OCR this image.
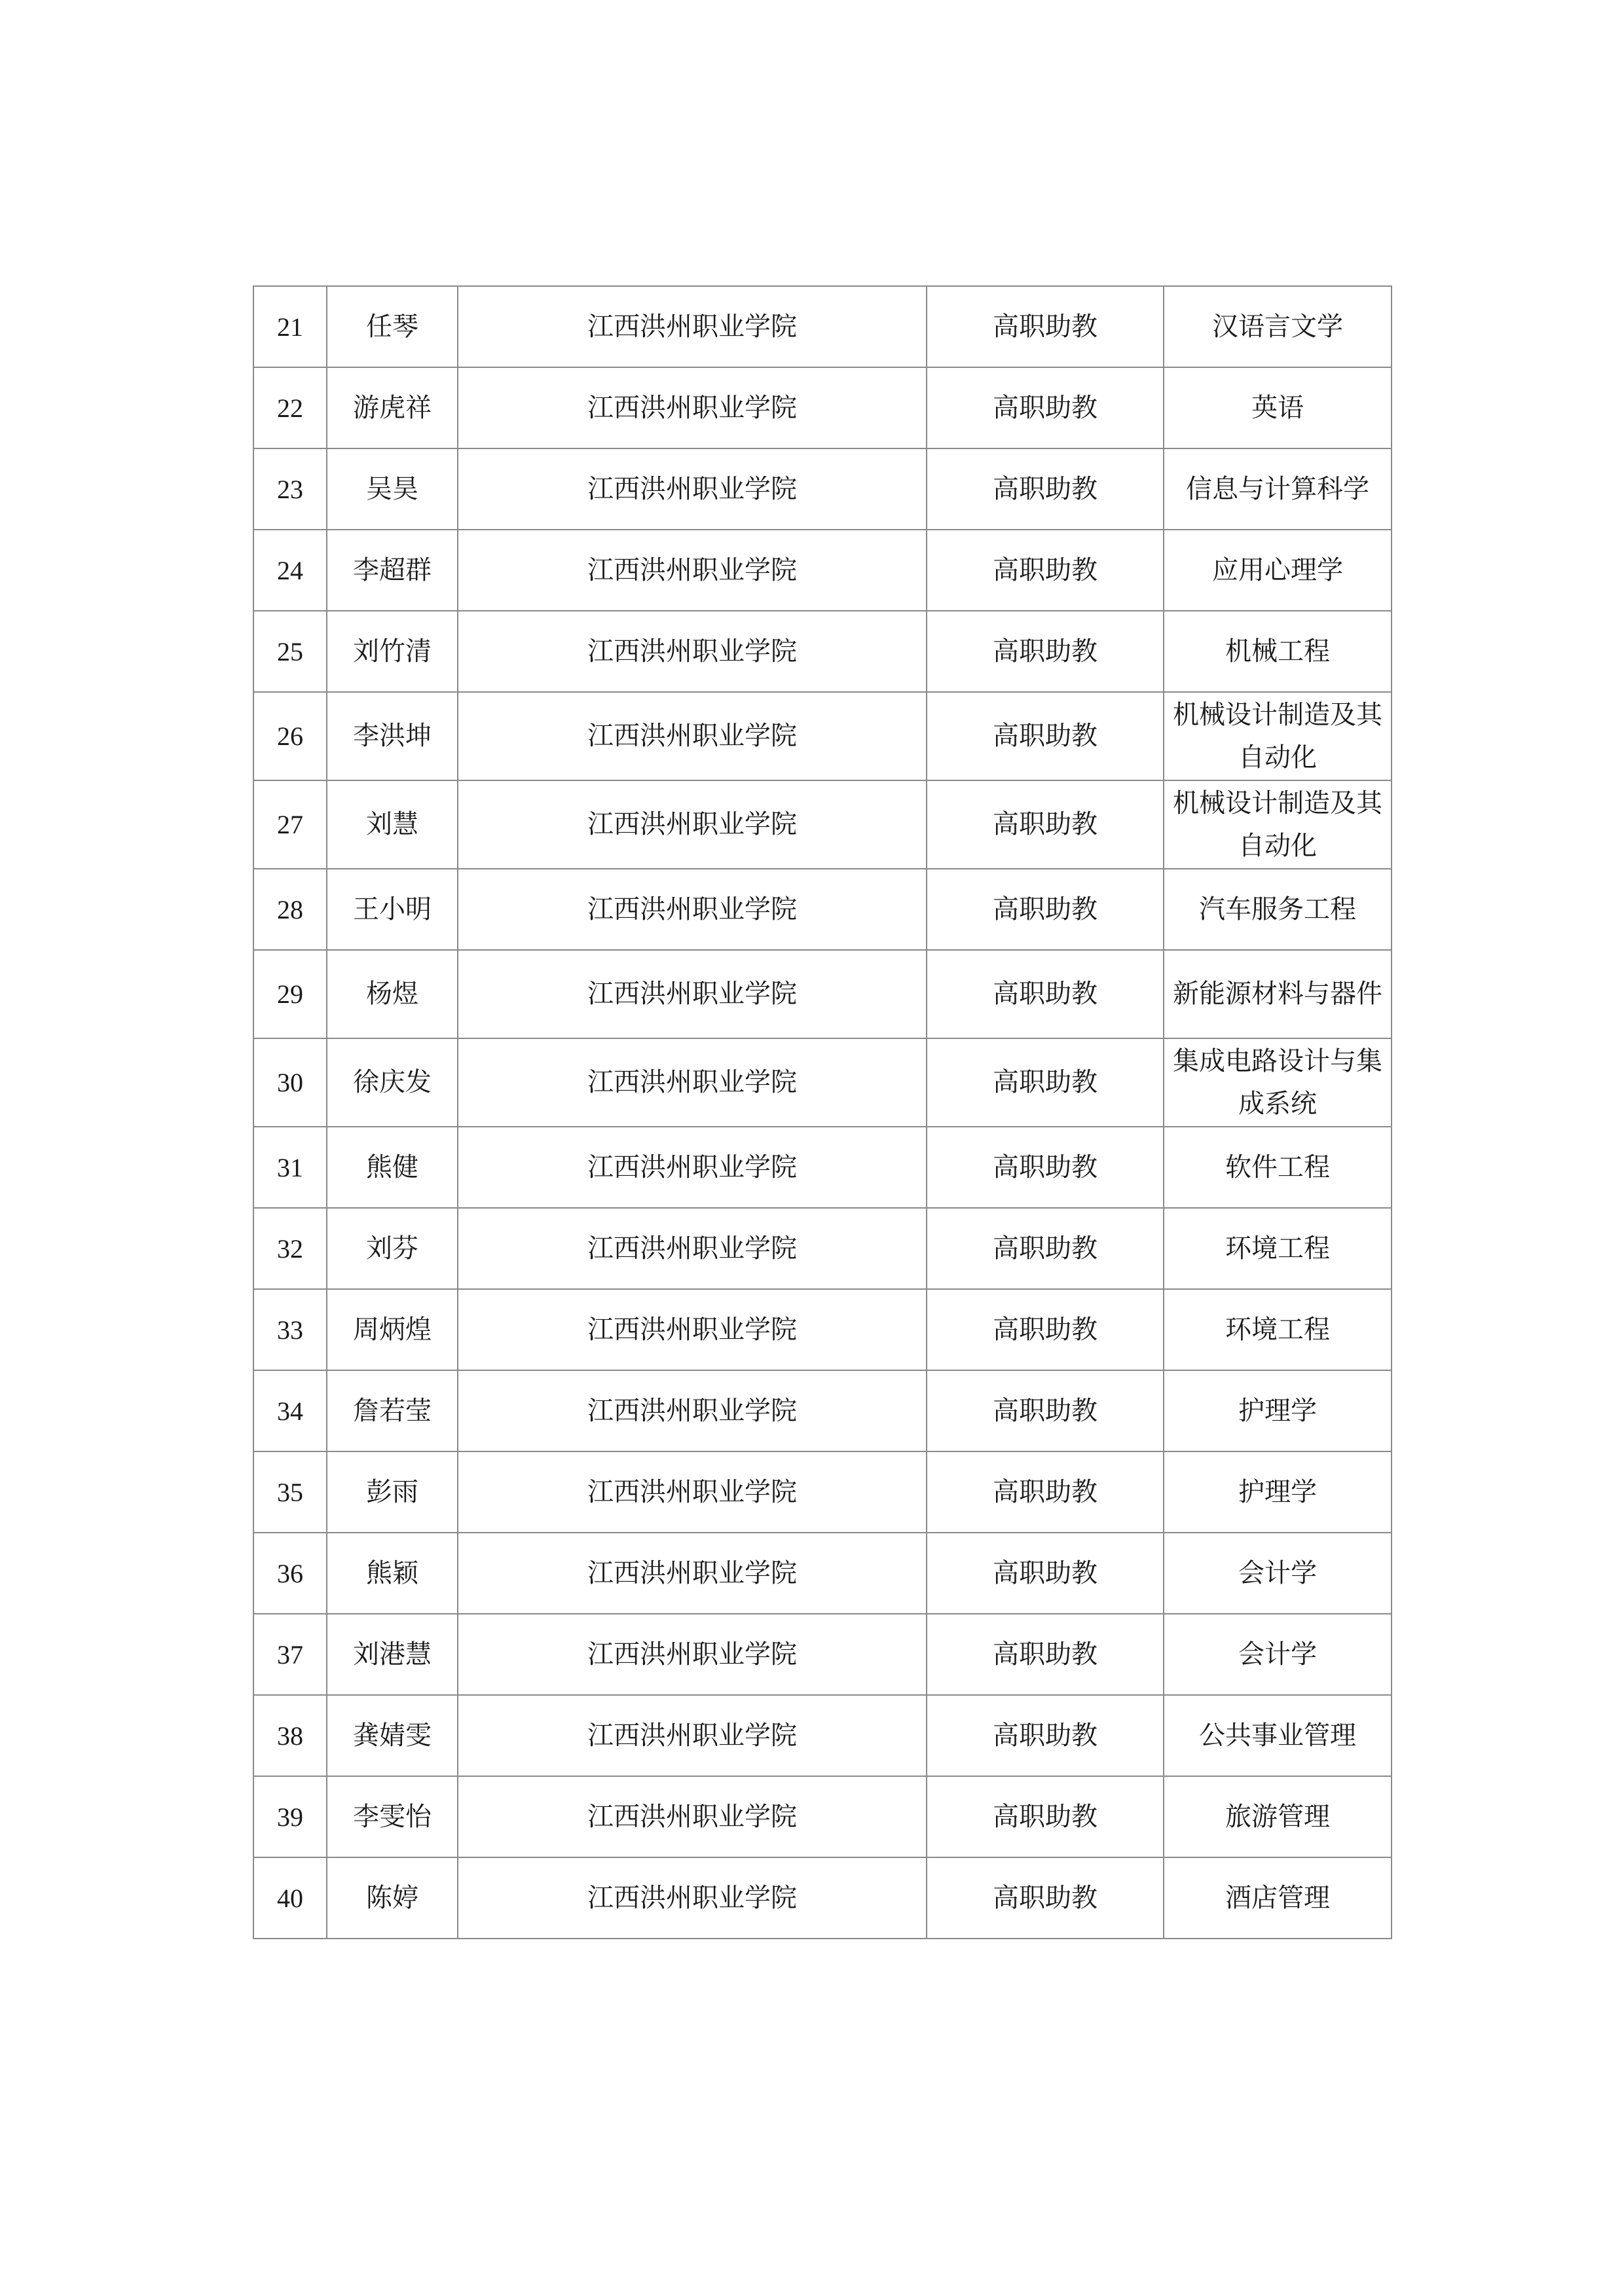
21	任琴	江西洪州职业学院	高职助教	汉语言文学
22	游虎祥	江西洪州职业学院	高职助教	英语
23	吴昊	江西洪州职业学院	高职助教	信息与计算科学
24	李超群	江西洪州职业学院	高职助教	应用心理学
25	刘竹清	江西洪州职业学院	高职助教	机械工程
26	李洪坤	江西洪州职业学院	高职助教	机械设计制造及其自动化
27	刘慧	江西洪州职业学院	高职助教	机械设计制造及其自动化
28	王小明	江西洪州职业学院	高职助教	汽车服务工程
29	杨煜	江西洪州职业学院	高职助教	新能源材料与器件
30	徐庆发	江西洪州职业学院	高职助教	集成电路设计与集成系统
31	熊健	江西洪州职业学院	高职助教	软件工程
32	刘芬	江西洪州职业学院	高职助教	环境工程
33	周炳煌	江西洪州职业学院	高职助教	环境工程
34	詹若莹	江西洪州职业学院	高职助教	护理学
35	彭雨	江西洪州职业学院	高职助教	护理学
36	熊颖	江西洪州职业学院	高职助教	会计学
37	刘港慧	江西洪州职业学院	高职助教	会计学
38	龚婧雯	江西洪州职业学院	高职助教	公共事业管理
39	李雯怡	江西洪州职业学院	高职助教	旅游管理
40	陈婷	江西洪州职业学院	高职助教	酒店管理
